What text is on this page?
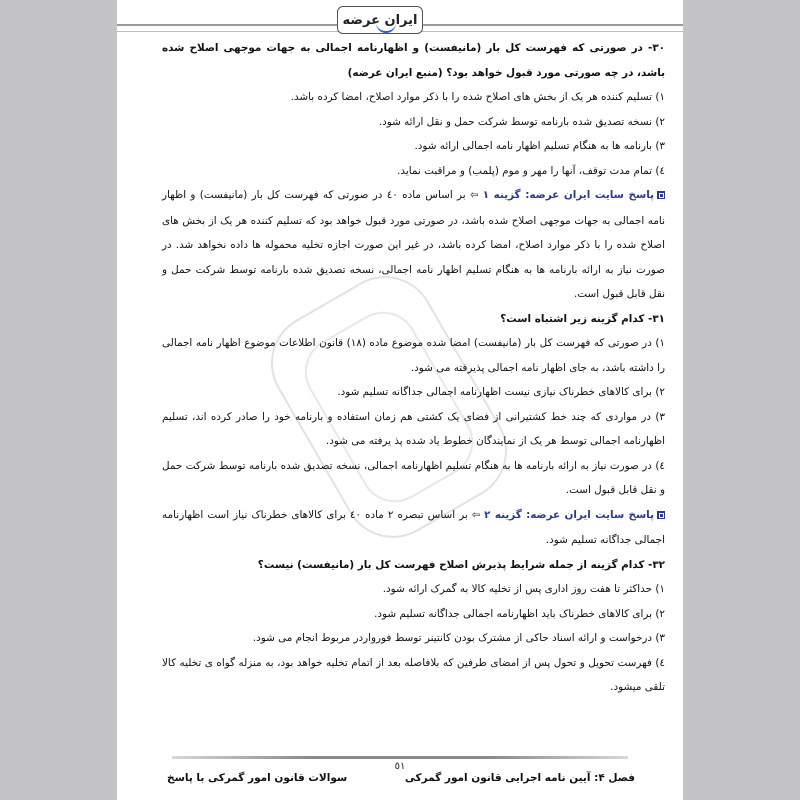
ایران عرضه

۳۰- در صورتی که فهرست کل بار (مانیفست) و اظهارنامه اجمالی به جهات موجهی اصلاح شده باشد، در چه صورتی مورد قبول خواهد بود؟ (منبع ایران عرضه)

۱) تسلیم کننده هر یک از بخش های اصلاح شده را با ذکر موارد اصلاح، امضا کرده باشد.

۲) نسخه تصدیق شده بارنامه توسط شرکت حمل و نقل ارائه شود.

۳) بارنامه ها به هنگام تسلیم اظهار نامه اجمالی ارائه شود.

٤) تمام مدت توقف، آنها را مهر و موم (پلمب) و مراقبت نماید.

پاسخ سایت ایران عرضه: گزینه ۱ ⇦ بر اساس ماده ٤٠ در صورتی که فهرست کل بار (مانیفست) و اظهار نامه اجمالی به جهات موجهی اصلاح شده باشد، در صورتی مورد قبول خواهد بود که تسلیم کننده هر یک از بخش های اصلاح شده را با ذکر موارد اصلاح، امضا کرده باشد، در غیر این صورت اجازه تخلیه محموله ها داده نخواهد شد. در صورت نیاز به ارائه بارنامه ها به هنگام تسلیم اظهار نامه اجمالی، نسخه تصدیق شده بارنامه توسط شرکت حمل و نقل قابل قبول است.

۳۱- کدام گزینه زیر اشتباه است؟

۱) در صورتی که فهرست کل بار (مانیفست) امضا شده موضوع ماده (۱۸) قانون اطلاعات موضوع اظهار نامه اجمالی را داشته باشد، به جای اظهار نامه اجمالی پذیرفته می شود.

۲) برای کالاهای خطرناک نیازی نیست اظهارنامه اجمالی جداگانه تسلیم شود.

۳) در مواردی که چند خط کشتیرانی از فضای یک کشتی هم زمان استفاده و بارنامه خود را صادر کرده اند، تسلیم اظهارنامه اجمالی توسط هر یک از نمایندگان خطوط یاد شده پذ یرفته می شود.

٤) در صورت نیاز به ارائه بارنامه ها به هنگام تسلیم اظهارنامه اجمالی، نسخه تصدیق شده بارنامه توسط شرکت حمل و نقل قابل قبول است.

پاسخ سایت ایران عرضه: گزینه ۲ ⇦ بر اساس تبصره ۲ ماده ٤٠ برای کالاهای خطرناک نیاز است اظهارنامه اجمالی جداگانه تسلیم شود.

۳۲- کدام گزینه از جمله شرایط پذیرش اصلاح فهرست کل بار (مانیفست) نیست؟

۱) حداکثر تا هفت روز اداری پس از تخلیه کالا به گمرک ارائه شود.

۲) برای کالاهای خطرناک باید اظهارنامه اجمالی جداگانه تسلیم شود.

۳) درخواست و ارائه اسناد حاکی از مشترک بودن کانتینر توسط فورواردر مربوط انجام می شود.

٤) فهرست تحویل و تحول پس از امضای طرفین که بلافاصله بعد از اتمام تخلیه خواهد بود، به منزله گواه ی تخلیه کالا تلقی میشود.

٥١
فصل ۴: آیین نامه اجرایی قانون امور گمرکی
سوالات قانون امور گمرکی با پاسخ
